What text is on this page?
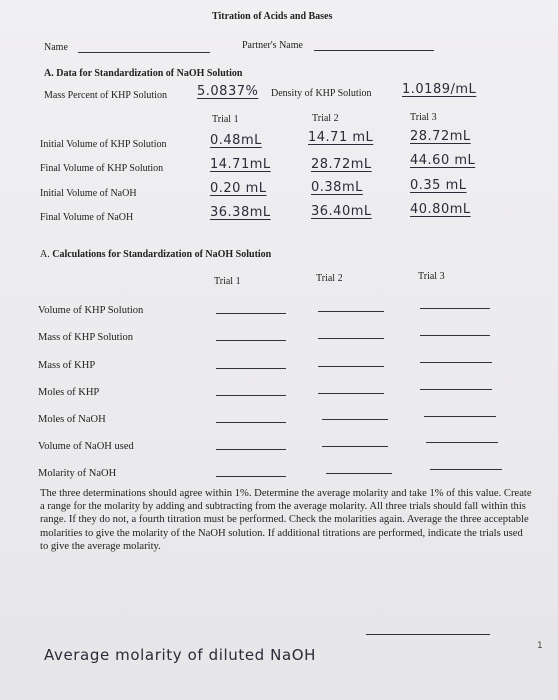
Titration of Acids and Bases
Name	Partner's Name
A. Data for Standardization of NaOH Solution
Mass Percent of KHP Solution 5.0837% Density of KHP Solution 1.0189/mL
Trial 1	Trial 2	Trial 3
Initial Volume of KHP Solution	0.48mL	14.71 mL	28.72mL
Final Volume of KHP Solution	14.71mL	28.72mL	44.60 mL
Initial Volume of NaOH	0.20 mL	0.38mL	0.35 mL
Final Volume of NaOH	36.38mL	36.40mL	40.80mL
A. Calculations for Standardization of NaOH Solution
Trial 1	Trial 2	Trial 3
Volume of KHP Solution
Mass of KHP Solution
Mass of KHP
Moles of KHP
Moles of NaOH
Volume of NaOH used
Molarity of NaOH
The three determinations should agree within 1%. Determine the average molarity and take 1% of this value. Create a range for the molarity by adding and subtracting from the average molarity. All three trials should fall within this range. If they do not, a fourth titration must be performed. Check the molarities again. Average the three acceptable molarities to give the molarity of the NaOH solution. If additional titrations are performed, indicate the trials used to give the average molarity.
Average molarity of diluted NaOH	1
